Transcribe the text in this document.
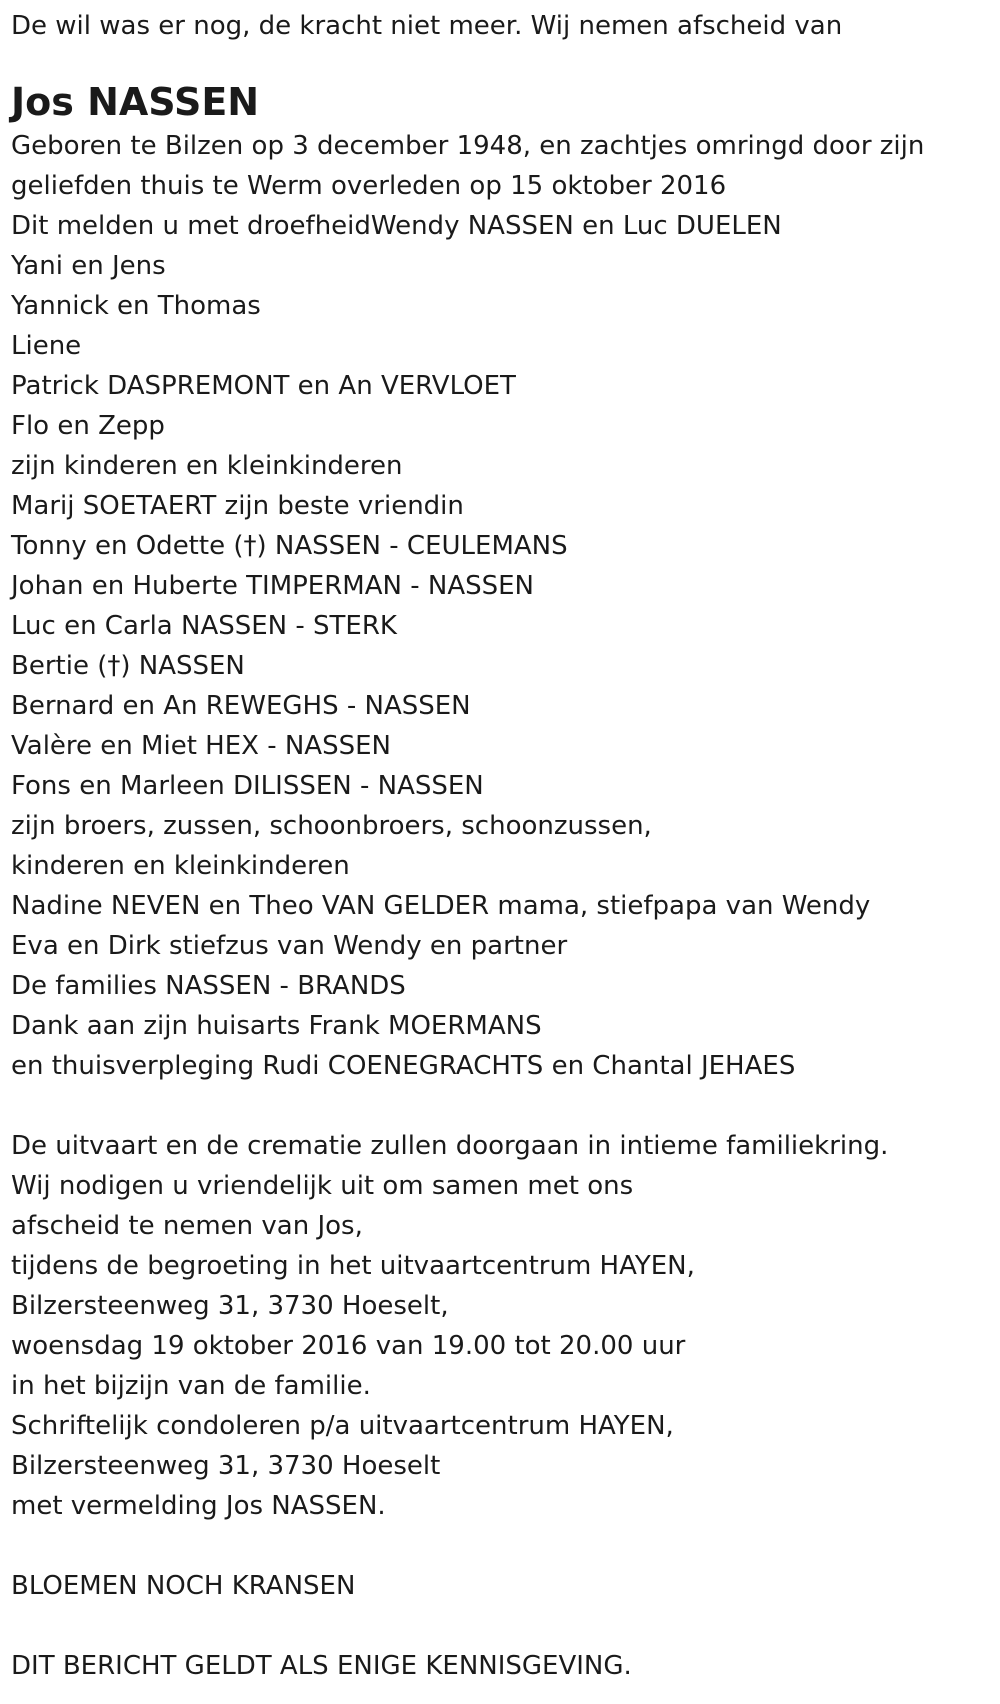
De wil was er nog, de kracht niet meer. Wij nemen afscheid van

Jos NASSEN
Geboren te Bilzen op 3 december 1948, en zachtjes omringd door zijn
geliefden thuis te Werm overleden op 15 oktober 2016
Dit melden u met droefheidWendy NASSEN en Luc DUELEN
Yani en Jens
Yannick en Thomas
Liene
Patrick DASPREMONT en An VERVLOET
Flo en Zepp
zijn kinderen en kleinkinderen
Marij SOETAERT zijn beste vriendin
Tonny en Odette (†) NASSEN - CEULEMANS
Johan en Huberte TIMPERMAN - NASSEN
Luc en Carla NASSEN - STERK
Bertie (†) NASSEN
Bernard en An REWEGHS - NASSEN
Valère en Miet HEX - NASSEN
Fons en Marleen DILISSEN - NASSEN
zijn broers, zussen, schoonbroers, schoonzussen,
kinderen en kleinkinderen
Nadine NEVEN en Theo VAN GELDER mama, stiefpapa van Wendy
Eva en Dirk stiefzus van Wendy en partner
De families NASSEN - BRANDS
Dank aan zijn huisarts Frank MOERMANS
en thuisverpleging Rudi COENEGRACHTS en Chantal JEHAES
De uitvaart en de crematie zullen doorgaan in intieme familiekring.
Wij nodigen u vriendelijk uit om samen met ons
afscheid te nemen van Jos,
tijdens de begroeting in het uitvaartcentrum HAYEN,
Bilzersteenweg 31, 3730 Hoeselt,
woensdag 19 oktober 2016 van 19.00 tot 20.00 uur
in het bijzijn van de familie.
Schriftelijk condoleren p/a uitvaartcentrum HAYEN,
Bilzersteenweg 31, 3730 Hoeselt
met vermelding Jos NASSEN.
BLOEMEN NOCH KRANSEN
DIT BERICHT GELDT ALS ENIGE KENNISGEVING.
